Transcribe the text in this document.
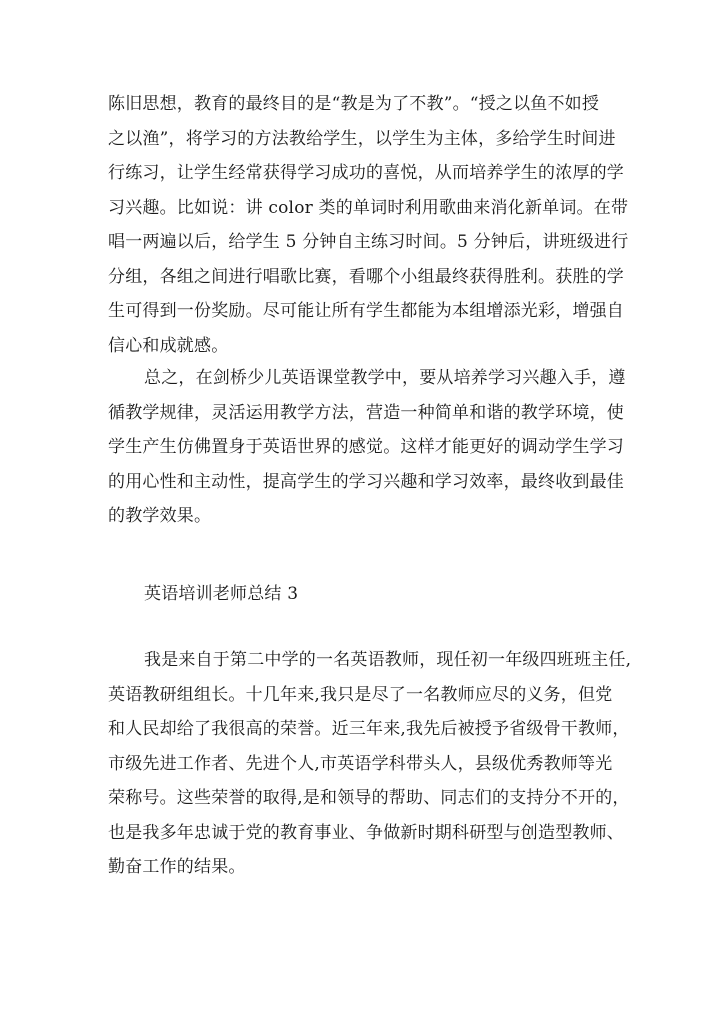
陈旧思想，教育的最终目的是“教是为了不教”。“授之以鱼不如授
之以渔”，将学习的方法教给学生，以学生为主体，多给学生时间进
行练习，让学生经常获得学习成功的喜悦，从而培养学生的浓厚的学
习兴趣。比如说：讲 color 类的单词时利用歌曲来消化新单词。在带
唱一两遍以后，给学生 5 分钟自主练习时间。5 分钟后，讲班级进行
分组，各组之间进行唱歌比赛，看哪个小组最终获得胜利。获胜的学
生可得到一份奖励。尽可能让所有学生都能为本组增添光彩，增强自
信心和成就感。
总之，在剑桥少儿英语课堂教学中，要从培养学习兴趣入手，遵
循教学规律，灵活运用教学方法，营造一种简单和谐的教学环境，使
学生产生仿佛置身于英语世界的感觉。这样才能更好的调动学生学习
的用心性和主动性，提高学生的学习兴趣和学习效率，最终收到最佳
的教学效果。
英语培训老师总结 3
我是来自于第二中学的一名英语教师，现任初一年级四班班主任,
英语教研组组长。十几年来,我只是尽了一名教师应尽的义务，但党
和人民却给了我很高的荣誉。近三年来,我先后被授予省级骨干教师，
市级先进工作者、先进个人,市英语学科带头人，县级优秀教师等光
荣称号。这些荣誉的取得,是和领导的帮助、同志们的支持分不开的，
也是我多年忠诚于党的教育事业、争做新时期科研型与创造型教师、
勤奋工作的结果。
